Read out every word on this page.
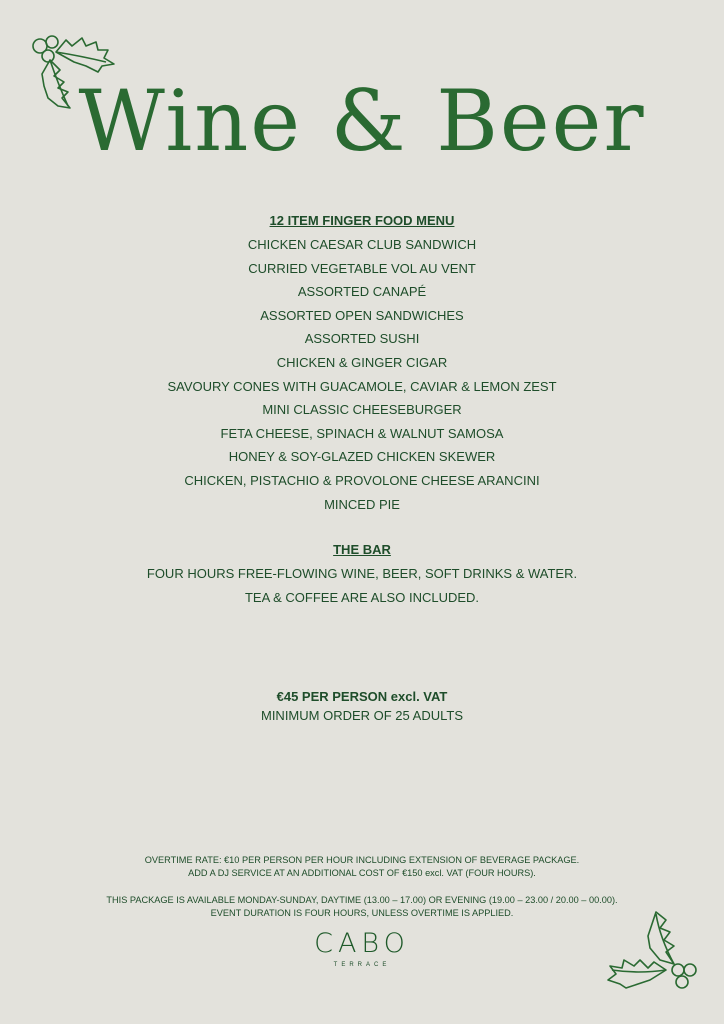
Wine & Beer
12 ITEM FINGER FOOD MENU
CHICKEN CAESAR CLUB SANDWICH
CURRIED VEGETABLE VOL AU VENT
ASSORTED CANAPÉ
ASSORTED OPEN SANDWICHES
ASSORTED SUSHI
CHICKEN & GINGER CIGAR
SAVOURY CONES WITH GUACAMOLE, CAVIAR & LEMON ZEST
MINI CLASSIC CHEESEBURGER
FETA CHEESE, SPINACH & WALNUT SAMOSA
HONEY & SOY-GLAZED CHICKEN SKEWER
CHICKEN, PISTACHIO & PROVOLONE CHEESE ARANCINI
MINCED PIE
THE BAR
FOUR HOURS FREE-FLOWING WINE, BEER, SOFT DRINKS & WATER.
TEA & COFFEE ARE ALSO INCLUDED.
€45 PER PERSON excl. VAT
MINIMUM ORDER OF 25 ADULTS
OVERTIME RATE: €10 PER PERSON PER HOUR INCLUDING EXTENSION OF BEVERAGE PACKAGE.
ADD A DJ SERVICE AT AN ADDITIONAL COST OF €150 excl. VAT (FOUR HOURS).
THIS PACKAGE IS AVAILABLE MONDAY-SUNDAY, DAYTIME (13.00 – 17.00) OR EVENING (19.00 – 23.00 / 20.00 – 00.00).
EVENT DURATION IS FOUR HOURS, UNLESS OVERTIME IS APPLIED.
CABO
TERRACE
